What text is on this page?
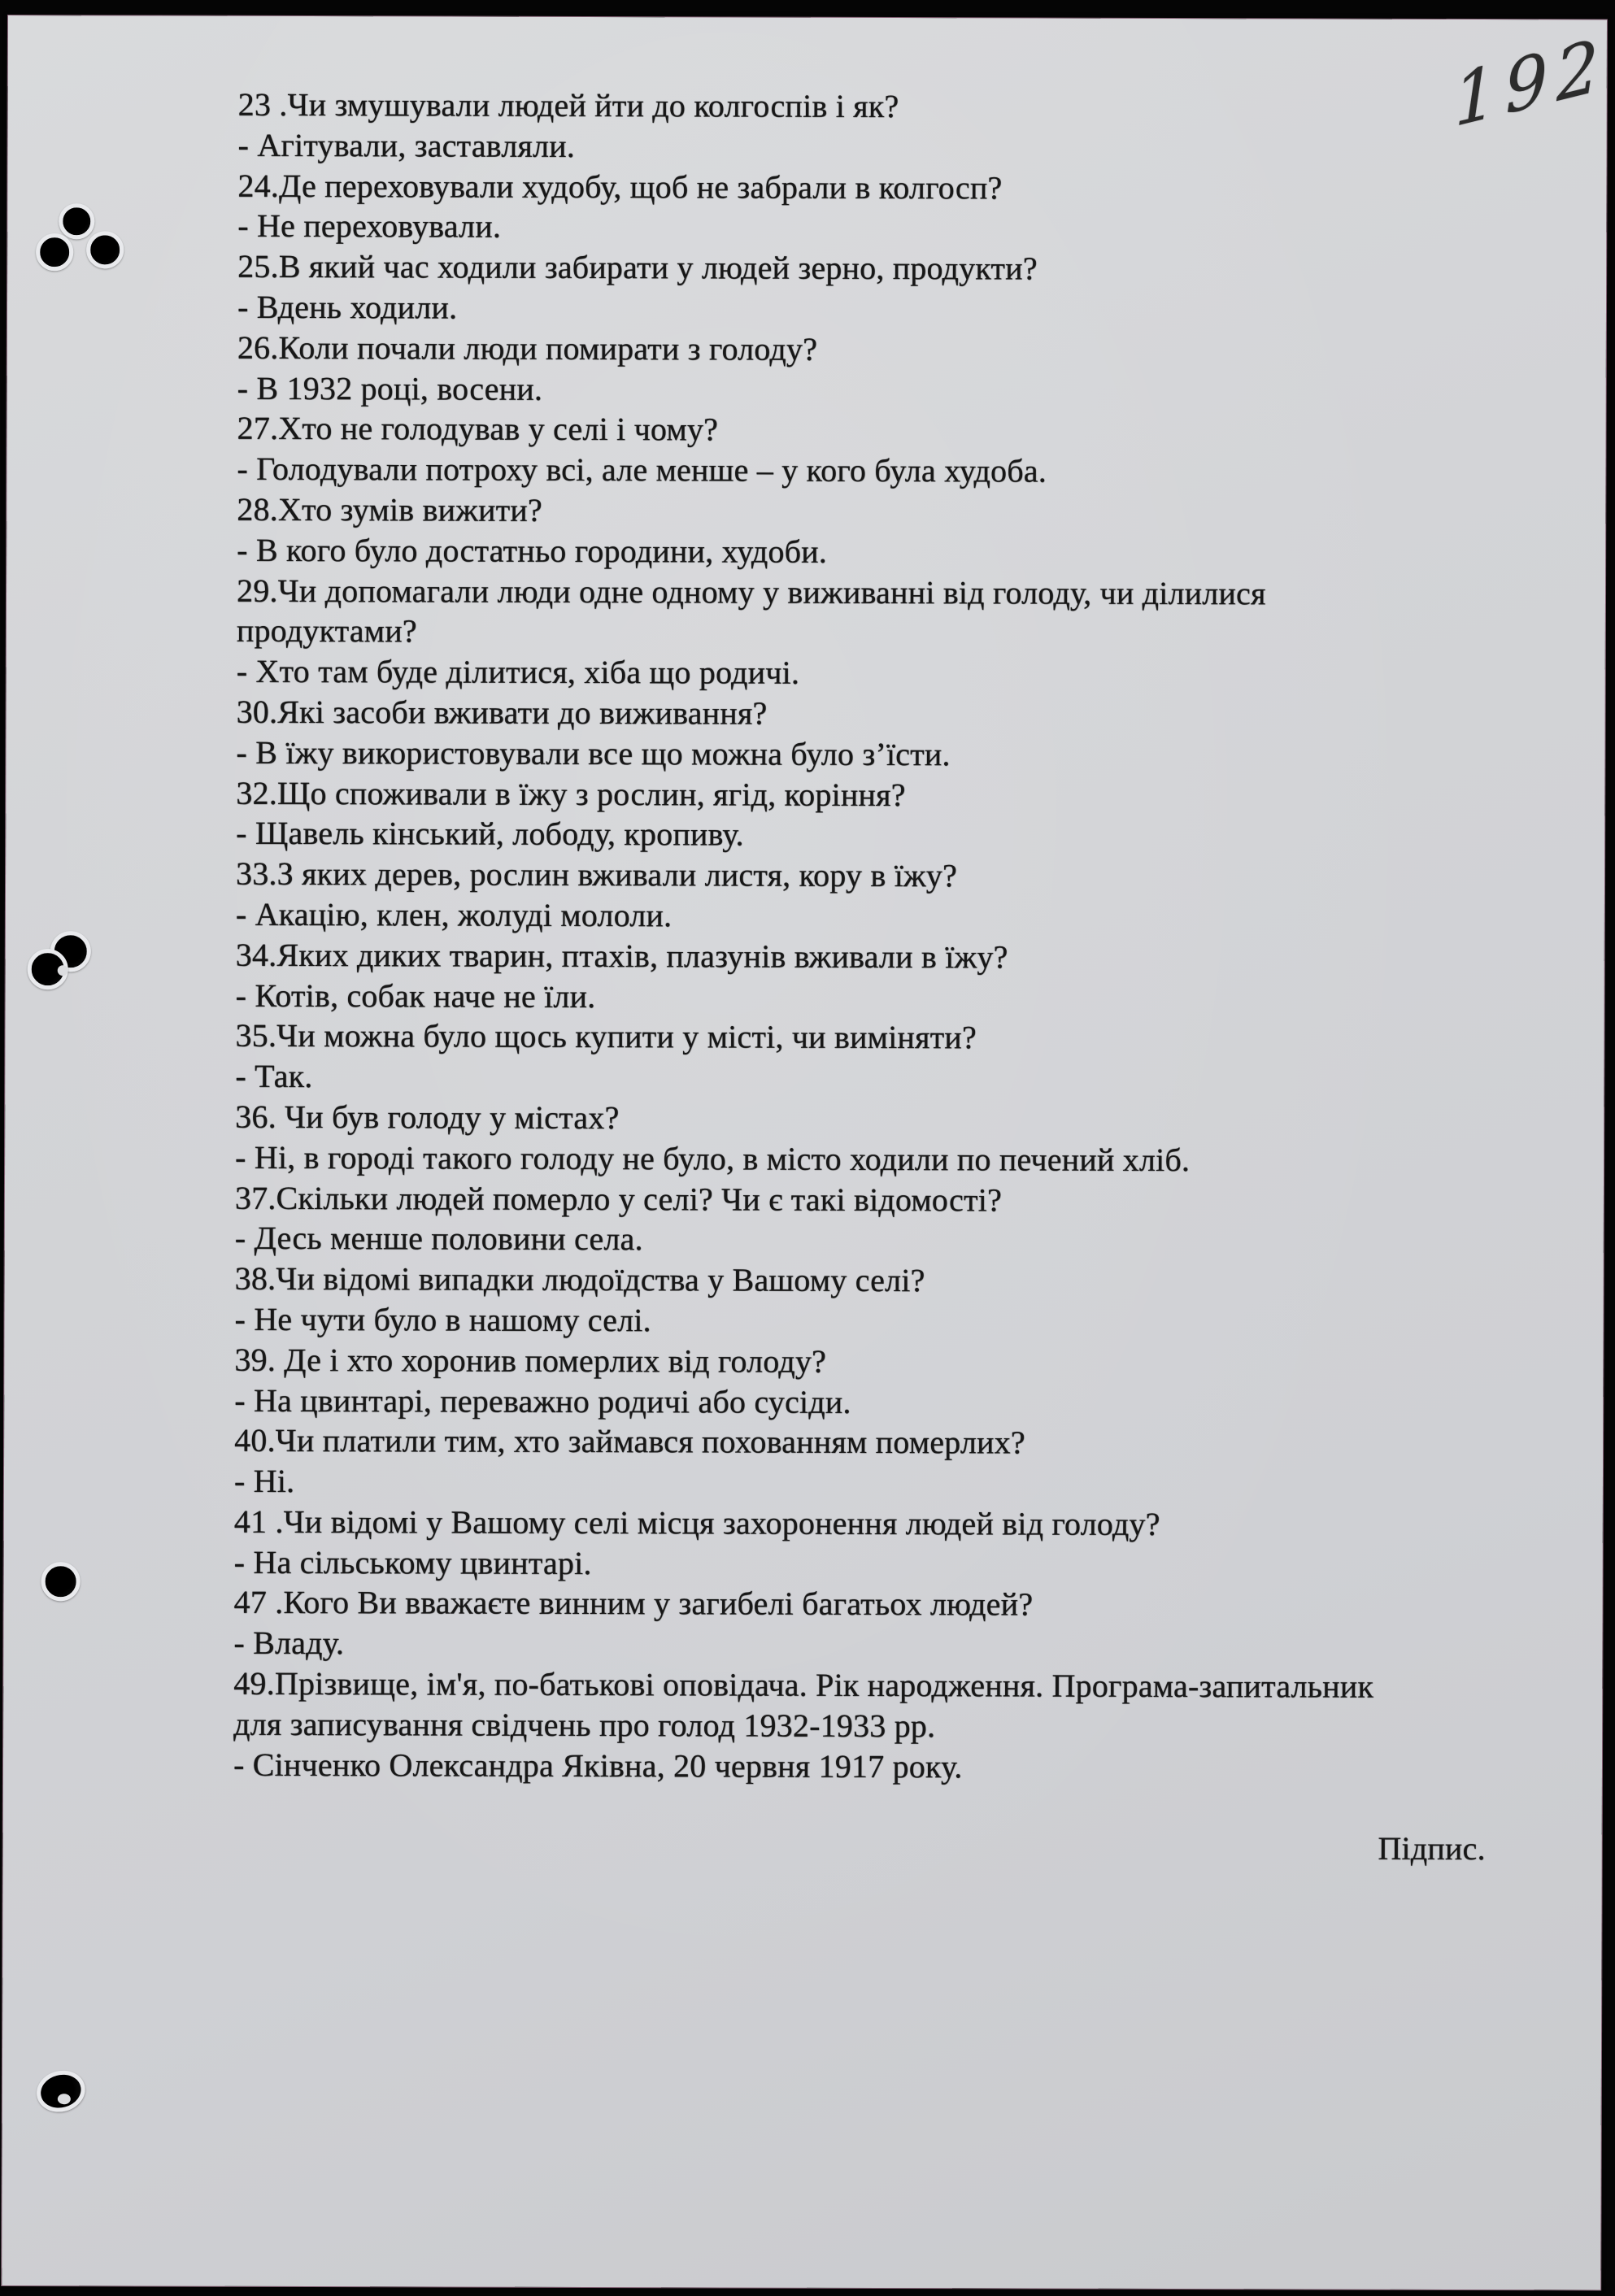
192
23 .Чи змушували людей йти до колгоспів і як?
- Агітували, заставляли.
24.Де переховували худобу, щоб не забрали в колгосп?
- Не переховували.
25.В який час ходили забирати у людей зерно, продукти?
- Вдень ходили.
26.Коли почали люди помирати з голоду?
- В 1932 році, восени.
27.Хто не голодував у селі і чому?
- Голодували потроху всі, але менше – у кого була худоба.
28.Хто зумів вижити?
- В кого було достатньо городини, худоби.
29.Чи допомагали люди одне одному у виживанні від голоду, чи ділилися
продуктами?
- Хто там буде ділитися, хіба що родичі.
30.Які засоби вживати до виживання?
- В їжу використовували все що можна було з’їсти.
32.Що споживали в їжу з рослин, ягід, коріння?
- Щавель кінський, лободу, кропиву.
33.З яких дерев, рослин вживали листя, кору в їжу?
- Акацію, клен, жолуді мололи.
34.Яких диких тварин, птахів, плазунів вживали в їжу?
- Котів, собак наче не їли.
35.Чи можна було щось купити у місті, чи виміняти?
- Так.
36. Чи був голоду у містах?
- Ні, в городі такого голоду не було, в місто ходили по печений хліб.
37.Скільки людей померло у селі? Чи є такі відомості?
- Десь менше половини села.
38.Чи відомі випадки людоїдства у Вашому селі?
- Не чути було в нашому селі.
39. Де і хто хоронив померлих від голоду?
- На цвинтарі, переважно родичі або сусіди.
40.Чи платили тим, хто займався похованням померлих?
- Ні.
41 .Чи відомі у Вашому селі місця захоронення людей від голоду?
- На сільському цвинтарі.
47 .Кого Ви вважаєте винним у загибелі багатьох людей?
- Владу.
49.Прізвище, ім'я, по-батькові оповідача. Рік народження. Програма-запитальник
для записування свідчень про голод 1932-1933 рр.
- Сінченко Олександра Яківна, 20 червня 1917 року.
Підпис.
